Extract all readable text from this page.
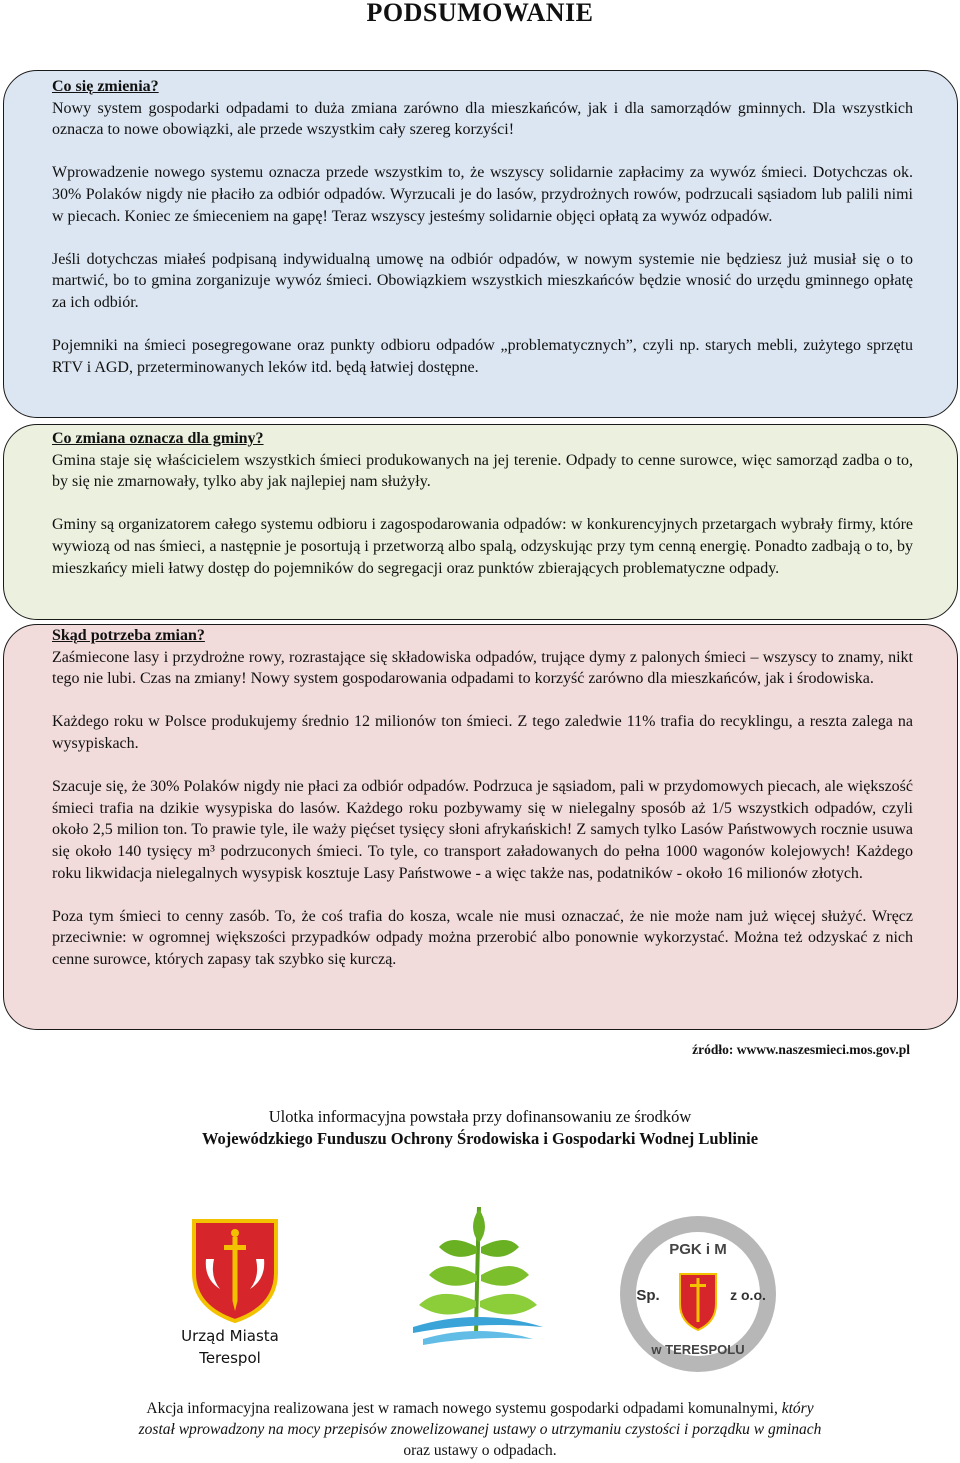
PODSUMOWANIE

Co się zmienia?

Nowy system gospodarki odpadami to duża zmiana zarówno dla mieszkańców, jak i dla samorządów gminnych. Dla wszystkich oznacza to nowe obowiązki, ale przede wszystkim cały szereg korzyści!

Wprowadzenie nowego systemu oznacza przede wszystkim to, że wszyscy solidarnie zapłacimy za wywóz śmieci. Dotychczas ok. 30% Polaków nigdy nie płaciło za odbiór odpadów. Wyrzucali je do lasów, przydrożnych rowów, podrzucali sąsiadom lub palili nimi w piecach. Koniec ze śmieceniem na gapę! Teraz wszyscy jesteśmy solidarnie objęci opłatą za wywóz odpadów.

Jeśli dotychczas miałeś podpisaną indywidualną umowę na odbiór odpadów, w nowym systemie nie będziesz już musiał się o to martwić, bo to gmina zorganizuje wywóz śmieci. Obowiązkiem wszystkich mieszkańców będzie wnosić do urzędu gminnego opłatę za ich odbiór.

Pojemniki na śmieci posegregowane oraz punkty odbioru odpadów „problematycznych”, czyli np. starych mebli, zużytego sprzętu RTV i AGD, przeterminowanych leków itd. będą łatwiej dostępne.

Co zmiana oznacza dla gminy?

Gmina staje się właścicielem wszystkich śmieci produkowanych na jej terenie. Odpady to cenne surowce, więc samorząd zadba o to, by się nie zmarnowały, tylko aby jak najlepiej nam służyły.

Gminy są organizatorem całego systemu odbioru i zagospodarowania odpadów: w konkurencyjnych przetargach wybrały firmy, które wywiozą od nas śmieci, a następnie je posortują i przetworzą albo spalą, odzyskując przy tym cenną energię. Ponadto zadbają o to, by mieszkańcy mieli łatwy dostęp do pojemników do segregacji oraz punktów zbierających problematyczne odpady.

Skąd potrzeba zmian?

Zaśmiecone lasy i przydrożne rowy, rozrastające się składowiska odpadów, trujące dymy z palonych śmieci – wszyscy to znamy, nikt tego nie lubi. Czas na zmiany! Nowy system gospodarowania odpadami to korzyść zarówno dla mieszkańców, jak i środowiska.

Każdego roku w Polsce produkujemy średnio 12 milionów ton śmieci. Z tego zaledwie 11% trafia do recyklingu, a reszta zalega na wysypiskach.

Szacuje się, że 30% Polaków nigdy nie płaci za odbiór odpadów. Podrzuca je sąsiadom, pali w przydomowych piecach, ale większość śmieci trafia na dzikie wysypiska do lasów. Każdego roku pozbywamy się w nielegalny sposób aż 1/5 wszystkich odpadów, czyli około 2,5 milion ton. To prawie tyle, ile waży pięćset tysięcy słoni afrykańskich! Z samych tylko Lasów Państwowych rocznie usuwa się około 140 tysięcy m³ podrzuconych śmieci. To tyle, co transport załadowanych do pełna 1000 wagonów kolejowych! Każdego roku likwidacja nielegalnych wysypisk kosztuje Lasy Państwowe - a więc także nas, podatników - około 16 milionów złotych.

Poza tym śmieci to cenny zasób. To, że coś trafia do kosza, wcale nie musi oznaczać, że nie może nam już więcej służyć. Wręcz przeciwnie: w ogromnej większości przypadków odpady można przerobić albo ponownie wykorzystać. Można też odzyskać z nich cenne surowce, których zapasy tak szybko się kurczą.

źródło: wwww.naszesmieci.mos.gov.pl
Ulotka informacyjna powstała przy dofinansowaniu ze środków
Wojewódzkiego Funduszu Ochrony Środowiska i Gospodarki Wodnej Lublinie
Urząd Miasta
Terespol
PGK i M
Sp.	z o.o.
w TERESPOLU
Akcja informacyjna realizowana jest w ramach nowego systemu gospodarki odpadami komunalnymi, który
został wprowadzony na mocy przepisów znowelizowanej ustawy o utrzymaniu czystości i porządku w gminach
oraz ustawy o odpadach.
